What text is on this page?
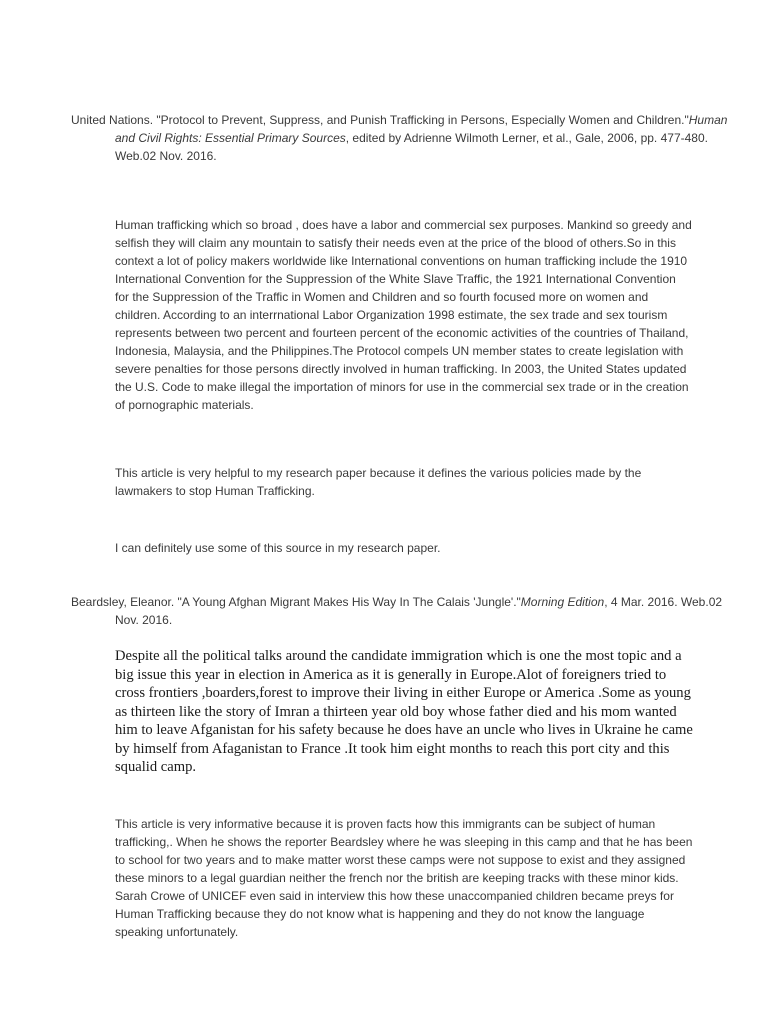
United Nations. "Protocol to Prevent, Suppress, and Punish Trafficking in Persons, Especially Women and Children."Human and Civil Rights: Essential Primary Sources, edited by Adrienne Wilmoth Lerner, et al., Gale, 2006, pp. 477-480. Web.02 Nov. 2016.
Human trafficking which so broad , does have a labor and commercial sex purposes. Mankind so greedy and selfish they will claim any mountain to satisfy their needs even at the price of the blood of others.So in this context a lot of policy makers worldwide like International conventions on human trafficking include the 1910 International Convention for the Suppression of the White Slave Traffic, the 1921 International Convention for the Suppression of the Traffic in Women and Children and so fourth focused more on women and children. According to an interrnational Labor Organization 1998 estimate, the sex trade and sex tourism represents between two percent and fourteen percent of the economic activities of the countries of Thailand, Indonesia, Malaysia, and the Philippines.The Protocol compels UN member states to create legislation with severe penalties for those persons directly involved in human trafficking. In 2003, the United States updated the U.S. Code to make illegal the importation of minors for use in the commercial sex trade or in the creation of pornographic materials.
This article is very helpful to my research paper because it defines the various policies made by the lawmakers to stop Human Trafficking.
I can definitely use some of this source in my research paper.
Beardsley, Eleanor. "A Young Afghan Migrant Makes His Way In The Calais 'Jungle'."Morning Edition, 4 Mar. 2016. Web.02 Nov. 2016.
Despite all the political talks around the candidate immigration which is one the most topic and a big issue this year in election in America as it is generally in Europe.Alot of foreigners tried to cross frontiers ,boarders,forest to improve their living in either Europe or America .Some as young as thirteen like the story of Imran a thirteen year old boy whose father died and his mom wanted him to leave Afganistan for his safety because he does have an uncle who lives in Ukraine he came by himself from Afaganistan to France .It took him eight months to reach this port city and this squalid camp.
This article is very informative because it is proven facts how this immigrants can be subject of human trafficking,. When he shows the reporter Beardsley where he was sleeping in this camp and that he has been to school for two years and to make matter worst these camps were not suppose to exist and they assigned these minors to a legal guardian neither the french nor the british are keeping tracks with these minor kids. Sarah Crowe of UNICEF even said in interview this how these unaccompanied children became preys for Human Trafficking because they do not know what is happening and they do not know the language speaking unfortunately.
